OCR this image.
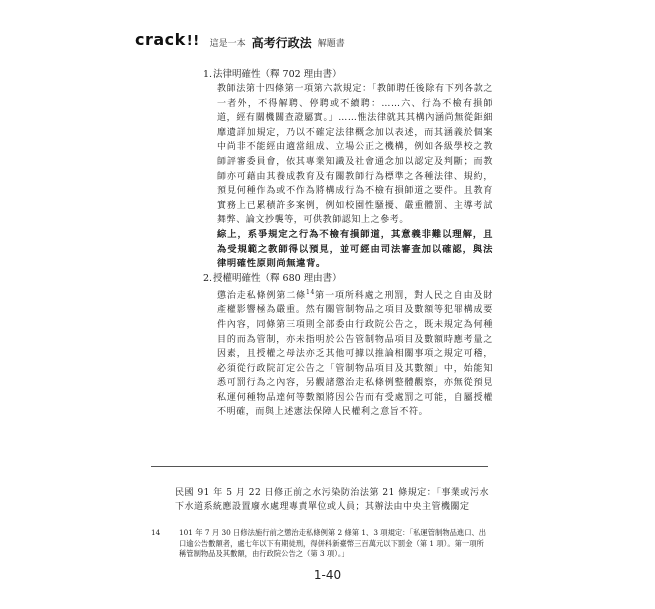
crack!! 這是一本 高考行政法 解題書

1.法律明確性（釋 702 理由書）

教師法第十四條第一項第六款規定：「教師聘任後除有下列各款之一者外，不得解聘、停聘或不續聘：……六、行為不檢有損師道，經有關機關查證屬實。」……惟法律就其其構內涵尚無從鉅細靡遺詳加規定，乃以不確定法律概念加以表述，而其涵義於個案中尚非不能經由適當組成、立場公正之機構，例如各級學校之教師評審委員會，依其專業知識及社會通念加以認定及判斷；而教師亦可藉由其養成教育及有關教師行為標準之各種法律、規約，預見何種作為或不作為將構成行為不檢有損師道之要件。且教育實務上已累積許多案例，例如校園性騷擾、嚴重體罰、主導考試舞弊、論文抄襲等，可供教師認知上之參考。

綜上，系爭規定之行為不檢有損師道，其意義非難以理解，且為受規範之教師得以預見，並可經由司法審查加以確認，與法律明確性原則尚無違背。

2.授權明確性（釋 680 理由書）

懲治走私條例第二條$^{14}$第一項所科處之刑罰，對人民之自由及財產權影響極為嚴重。然有關管制物品之項目及數額等犯罪構成要件內容，同條第三項則全部委由行政院公告之，既未規定為何種目的而為管制，亦未指明於公告管制物品項目及數額時應考量之因素，且授權之母法亦乏其他可據以推論相關事項之規定可稽，必須從行政院訂定公告之「管制物品項目及其數額」中，始能知悉可罰行為之內容，另觀諸懲治走私條例整體觀察，亦無從預見私運何種物品達何等數額將因公告而有受處罰之可能，自屬授權不明確，而與上述憲法保障人民權利之意旨不符。

民國 91 年 5 月 22 日修正前之水污染防治法第 21 條規定：「事業或污水下水道系統應設置廢水處理專責單位或人員；其辦法由中央主管機關定

14	101 年 7 月 30 日修法施行前之懲治走私條例第 2 條第 1、3 項規定：「私運管制物品進口、出口逾公告數額者，處七年以下有期徒刑，得併科新臺幣三百萬元以下罰金（第 1 項）。第一項所稱管制物品及其數額，由行政院公告之（第 3 項）。」
1-40
